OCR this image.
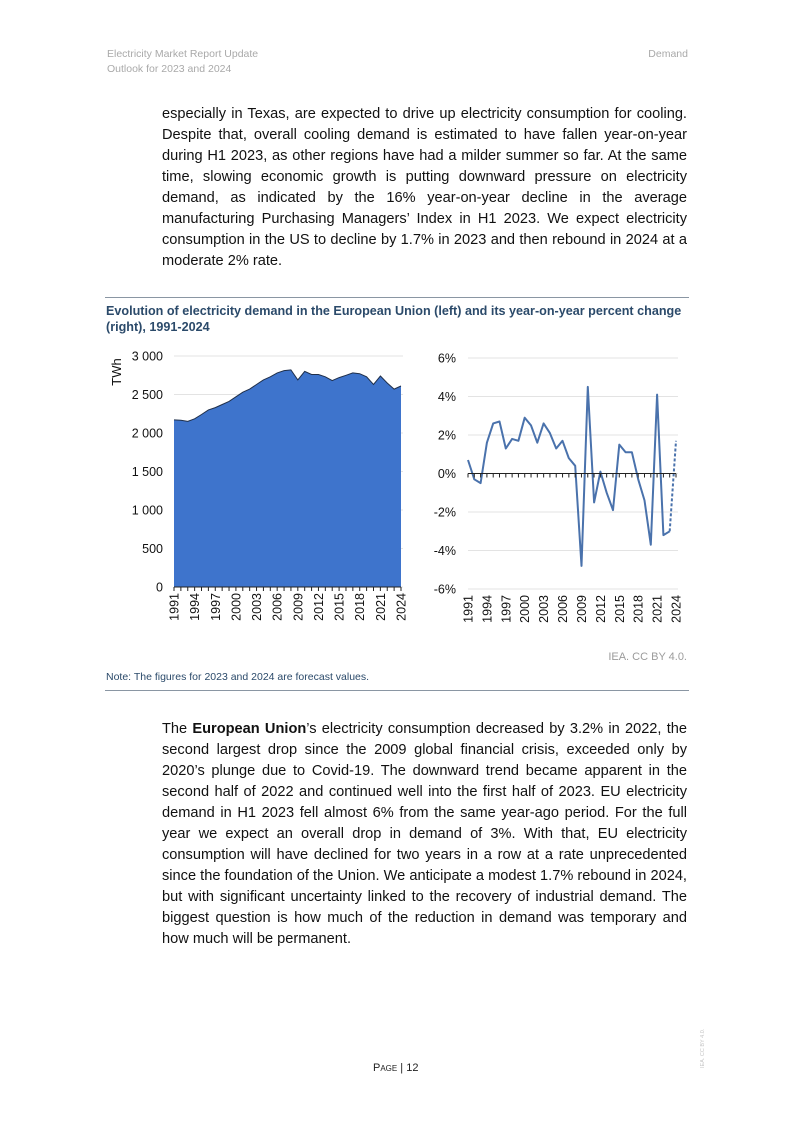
Electricity Market Report Update
Outlook for 2023 and 2024
Demand
especially in Texas, are expected to drive up electricity consumption for cooling. Despite that, overall cooling demand is estimated to have fallen year-on-year during H1 2023, as other regions have had a milder summer so far. At the same time, slowing economic growth is putting downward pressure on electricity demand, as indicated by the 16% year-on-year decline in the average manufacturing Purchasing Managers’ Index in H1 2023. We expect electricity consumption in the US to decline by 1.7% in 2023 and then rebound in 2024 at a moderate 2% rate.
Evolution of electricity demand in the European Union (left) and its year-on-year percent change (right), 1991-2024
0
500
1 000
1 500
2 000
2 500
3 000
1991 1994 1997 2000 2003 2006 2009 2012 2015 2018 2021 2024
TWh
-6%
-4%
-2%
0%
2%
4%
6%
1991 1994 1997 2000 2003 2006 2009 2012 2015 2018 2021 2024
IEA. CC BY 4.0.
Note: The figures for 2023 and 2024 are forecast values.
The European Union’s electricity consumption decreased by 3.2% in 2022, the second largest drop since the 2009 global financial crisis, exceeded only by 2020’s plunge due to Covid-19. The downward trend became apparent in the second half of 2022 and continued well into the first half of 2023. EU electricity demand in H1 2023 fell almost 6% from the same year-ago period. For the full year we expect an overall drop in demand of 3%. With that, EU electricity consumption will have declined for two years in a row at a rate unprecedented since the foundation of the Union. We anticipate a modest 1.7% rebound in 2024, but with significant uncertainty linked to the recovery of industrial demand. The biggest question is how much of the reduction in demand was temporary and how much will be permanent.
Page | 12	IEA. CC BY 4.0.
